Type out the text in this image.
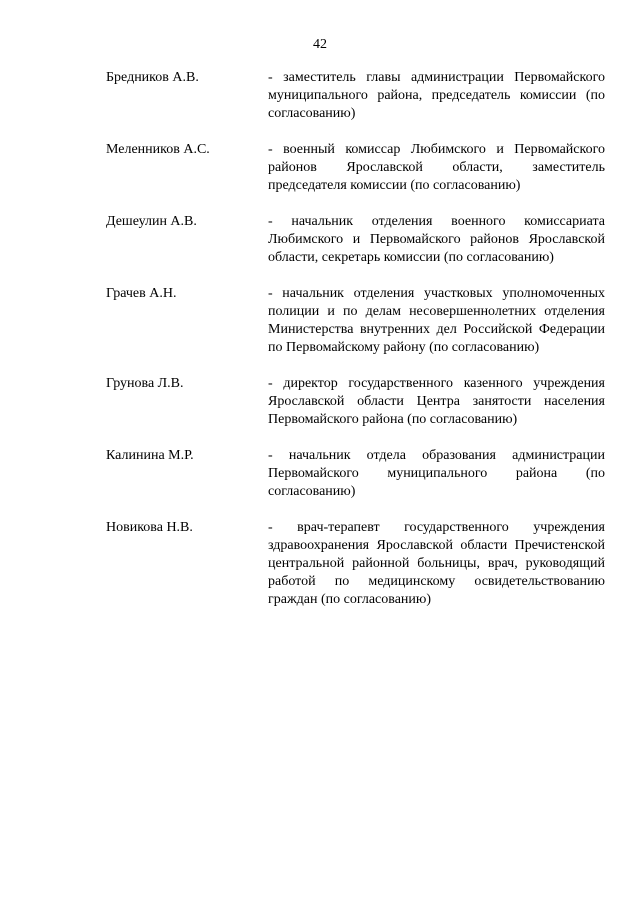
42
Бредников А.В.	- заместитель главы администрации Первомайского муниципального района, председатель комиссии (по согласованию)
Меленников А.С.	- военный комиссар Любимского и Первомайского районов Ярославской области, заместитель председателя комиссии (по согласованию)
Дешеулин А.В.	- начальник отделения военного комиссариата Любимского и Первомайского районов Ярославской области, секретарь комиссии (по согласованию)
Грачев А.Н.	- начальник отделения участковых уполномоченных полиции и по делам несовершеннолетних отделения Министерства внутренних дел Российской Федерации по Первомайскому району (по согласованию)
Грунова Л.В.	- директор государственного казенного учреждения Ярославской области Центра занятости населения Первомайского района (по согласованию)
Калинина М.Р.	- начальник отдела образования администрации Первомайского муниципального района (по согласованию)
Новикова Н.В.	- врач-терапевт государственного учреждения здравоохранения Ярославской области Пречистенской центральной районной больницы, врач, руководящий работой по медицинскому освидетельствованию граждан (по согласованию)
